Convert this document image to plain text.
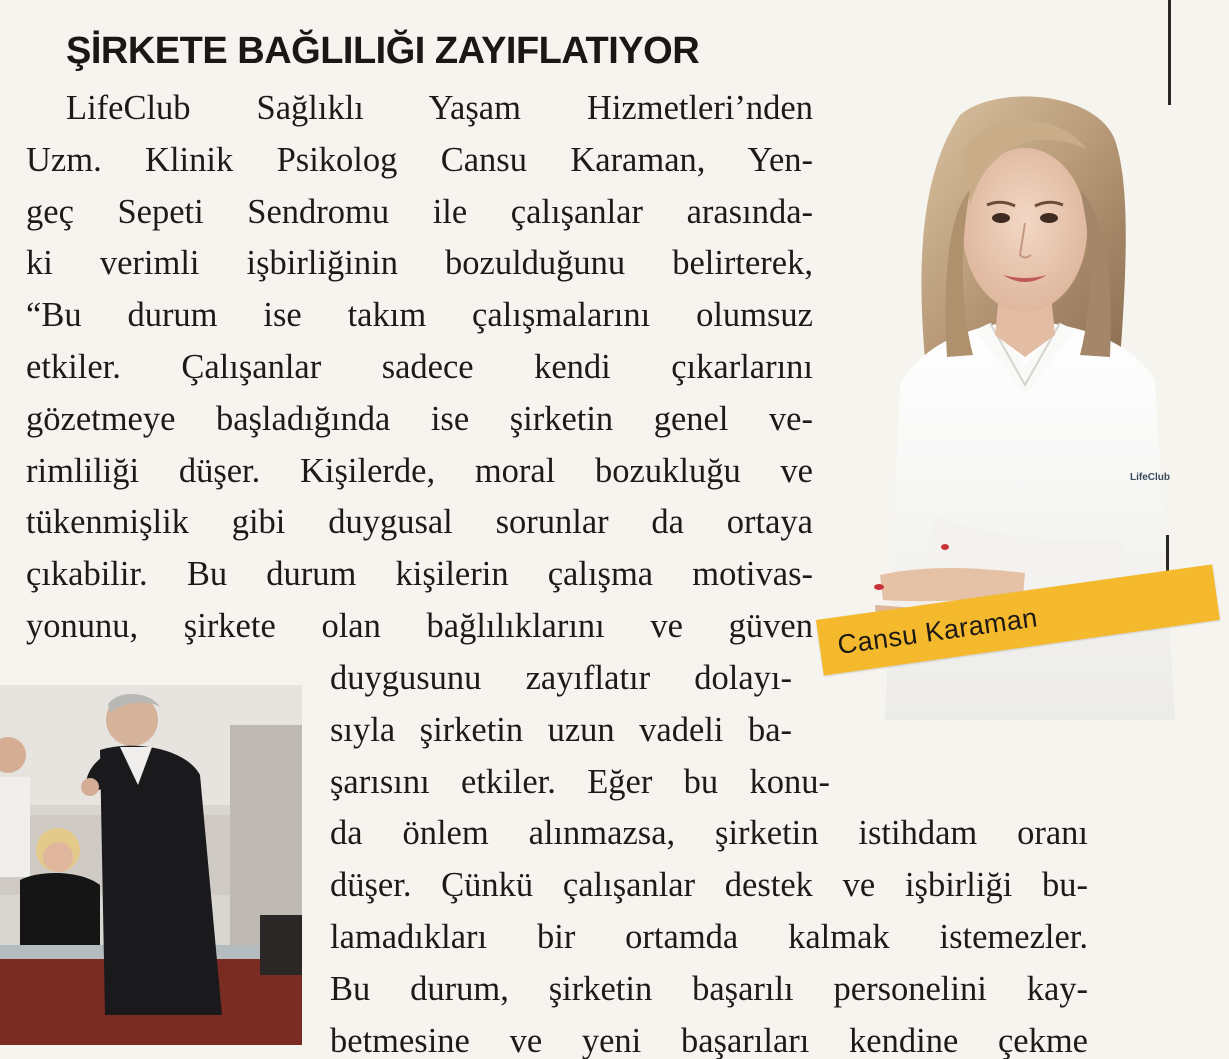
ŞİRKETE BAĞLILIĞI ZAYIFLATIYOR
LifeClub
Cansu Karaman
LifeClub Sağlıklı Yaşam Hizmetleri’nden
Uzm. Klinik Psikolog Cansu Karaman, Yen-
geç Sepeti Sendromu ile çalışanlar arasında-
ki verimli işbirliğinin bozulduğunu belirterek,
“Bu durum ise takım çalışmalarını olumsuz
etkiler. Çalışanlar sadece kendi çıkarlarını
gözetmeye başladığında ise şirketin genel ve-
rimliliği düşer. Kişilerde, moral bozukluğu ve
tükenmişlik gibi duygusal sorunlar da ortaya
çıkabilir. Bu durum kişilerin çalışma motivas-
yonunu, şirkete olan bağlılıklarını ve güven
duygusunu zayıflatır dolayı-
sıyla şirketin uzun vadeli ba-
şarısını etkiler. Eğer bu konu-
da önlem alınmazsa, şirketin istihdam oranı
düşer. Çünkü çalışanlar destek ve işbirliği bu-
lamadıkları bir ortamda kalmak istemezler.
Bu durum, şirketin başarılı personelini kay-
betmesine ve yeni başarıları kendine çekme
